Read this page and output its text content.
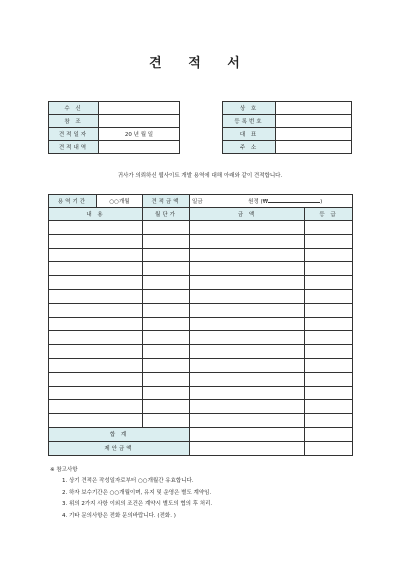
견 적 서
수 신	
참 조	
견적일자	20 년 월 일
견적내역	
상 호	
등록번호	
대 표	
주 소	
귀사가 의뢰하신 웹사이트 개발 용역에 대해 아래와 같이 견적합니다.
용역기간	○○개월	견적금액	일금 원정 (₩ )	
내 용		월단가	금 액	등 급

합 계				
제안금액				
※ 참고사항
1. 상기 견적은 작성일자로부터 ○○개월간 유효합니다.
2. 하자 보수기간은 ○○개월이며, 유지 및 운영은 별도 계약임.
3. 위의 2가지 사항 이외의 조건은 계약시 별도의 협의 후 처리.
4. 기타 문의사항은 전화 문의바랍니다. (전화. )
